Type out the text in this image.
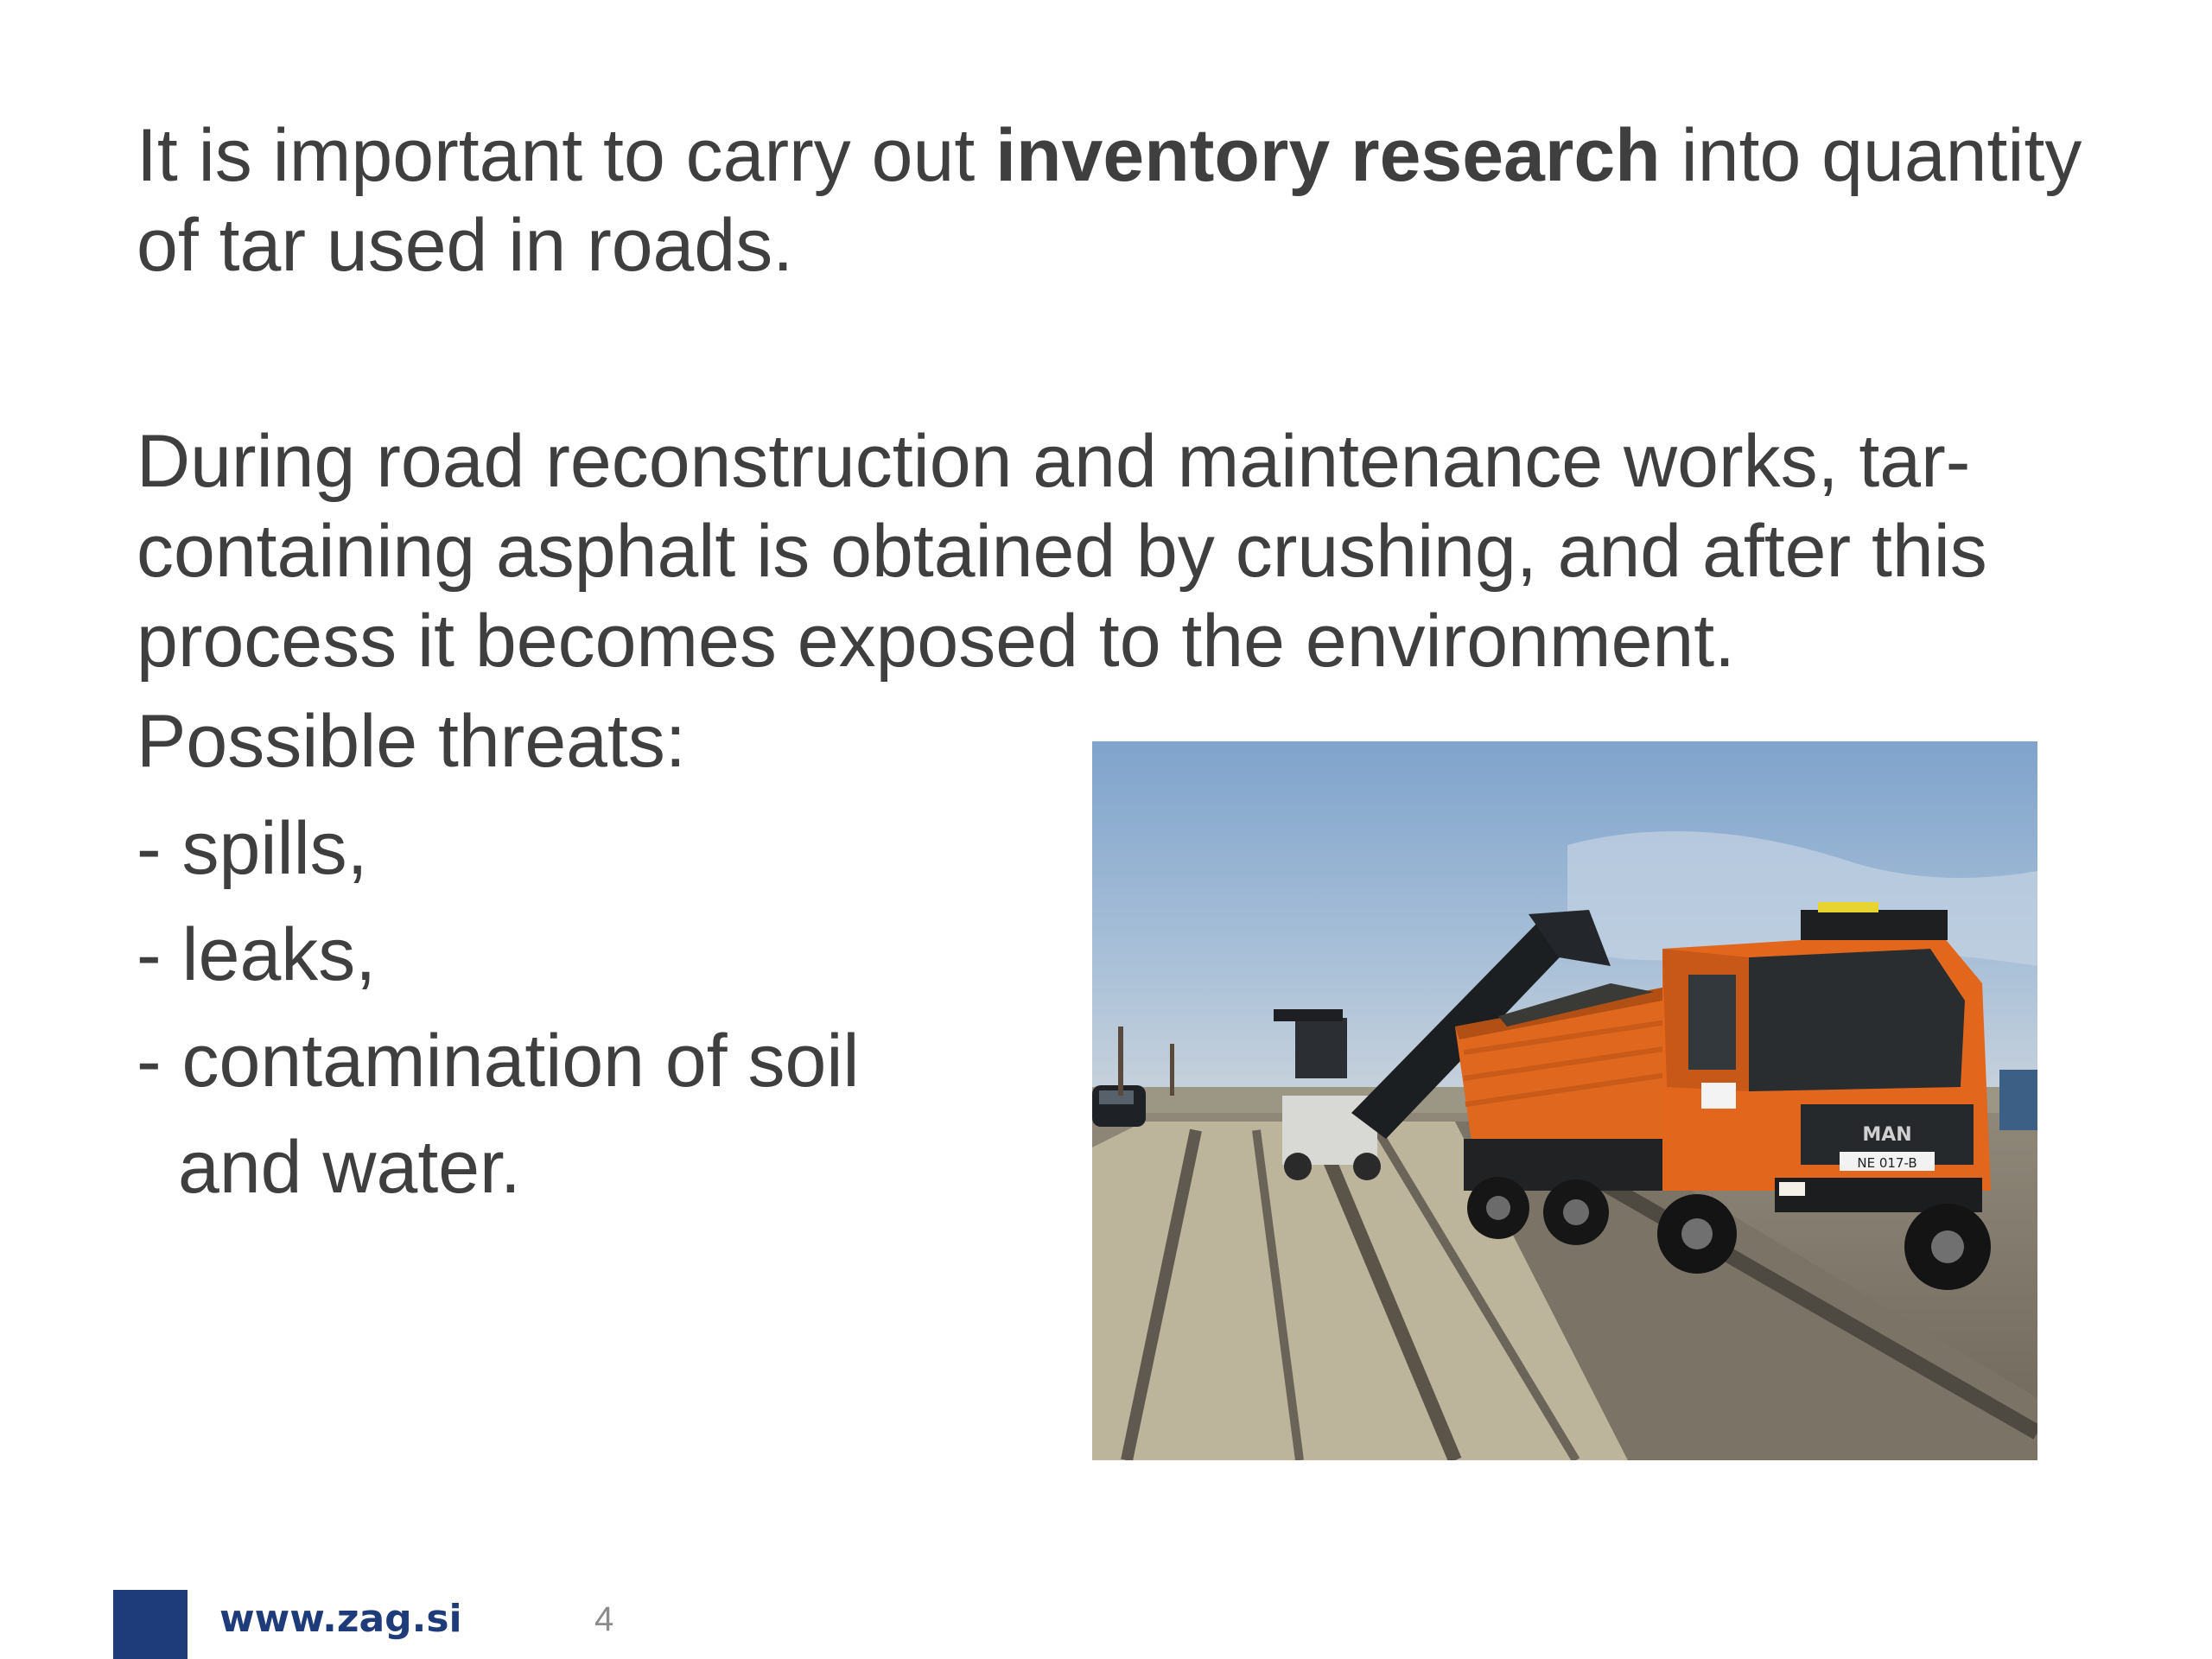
It is important to carry out inventory research into quantity
of tar used in roads.

During road reconstruction and maintenance works, tar-
containing asphalt is obtained by crushing, and after this
process it becomes exposed to the environment.

Possible threats:

- spills,
- leaks,
- contamination of soil
and water.	MAN
NE 017-B
www.zag.si	4
